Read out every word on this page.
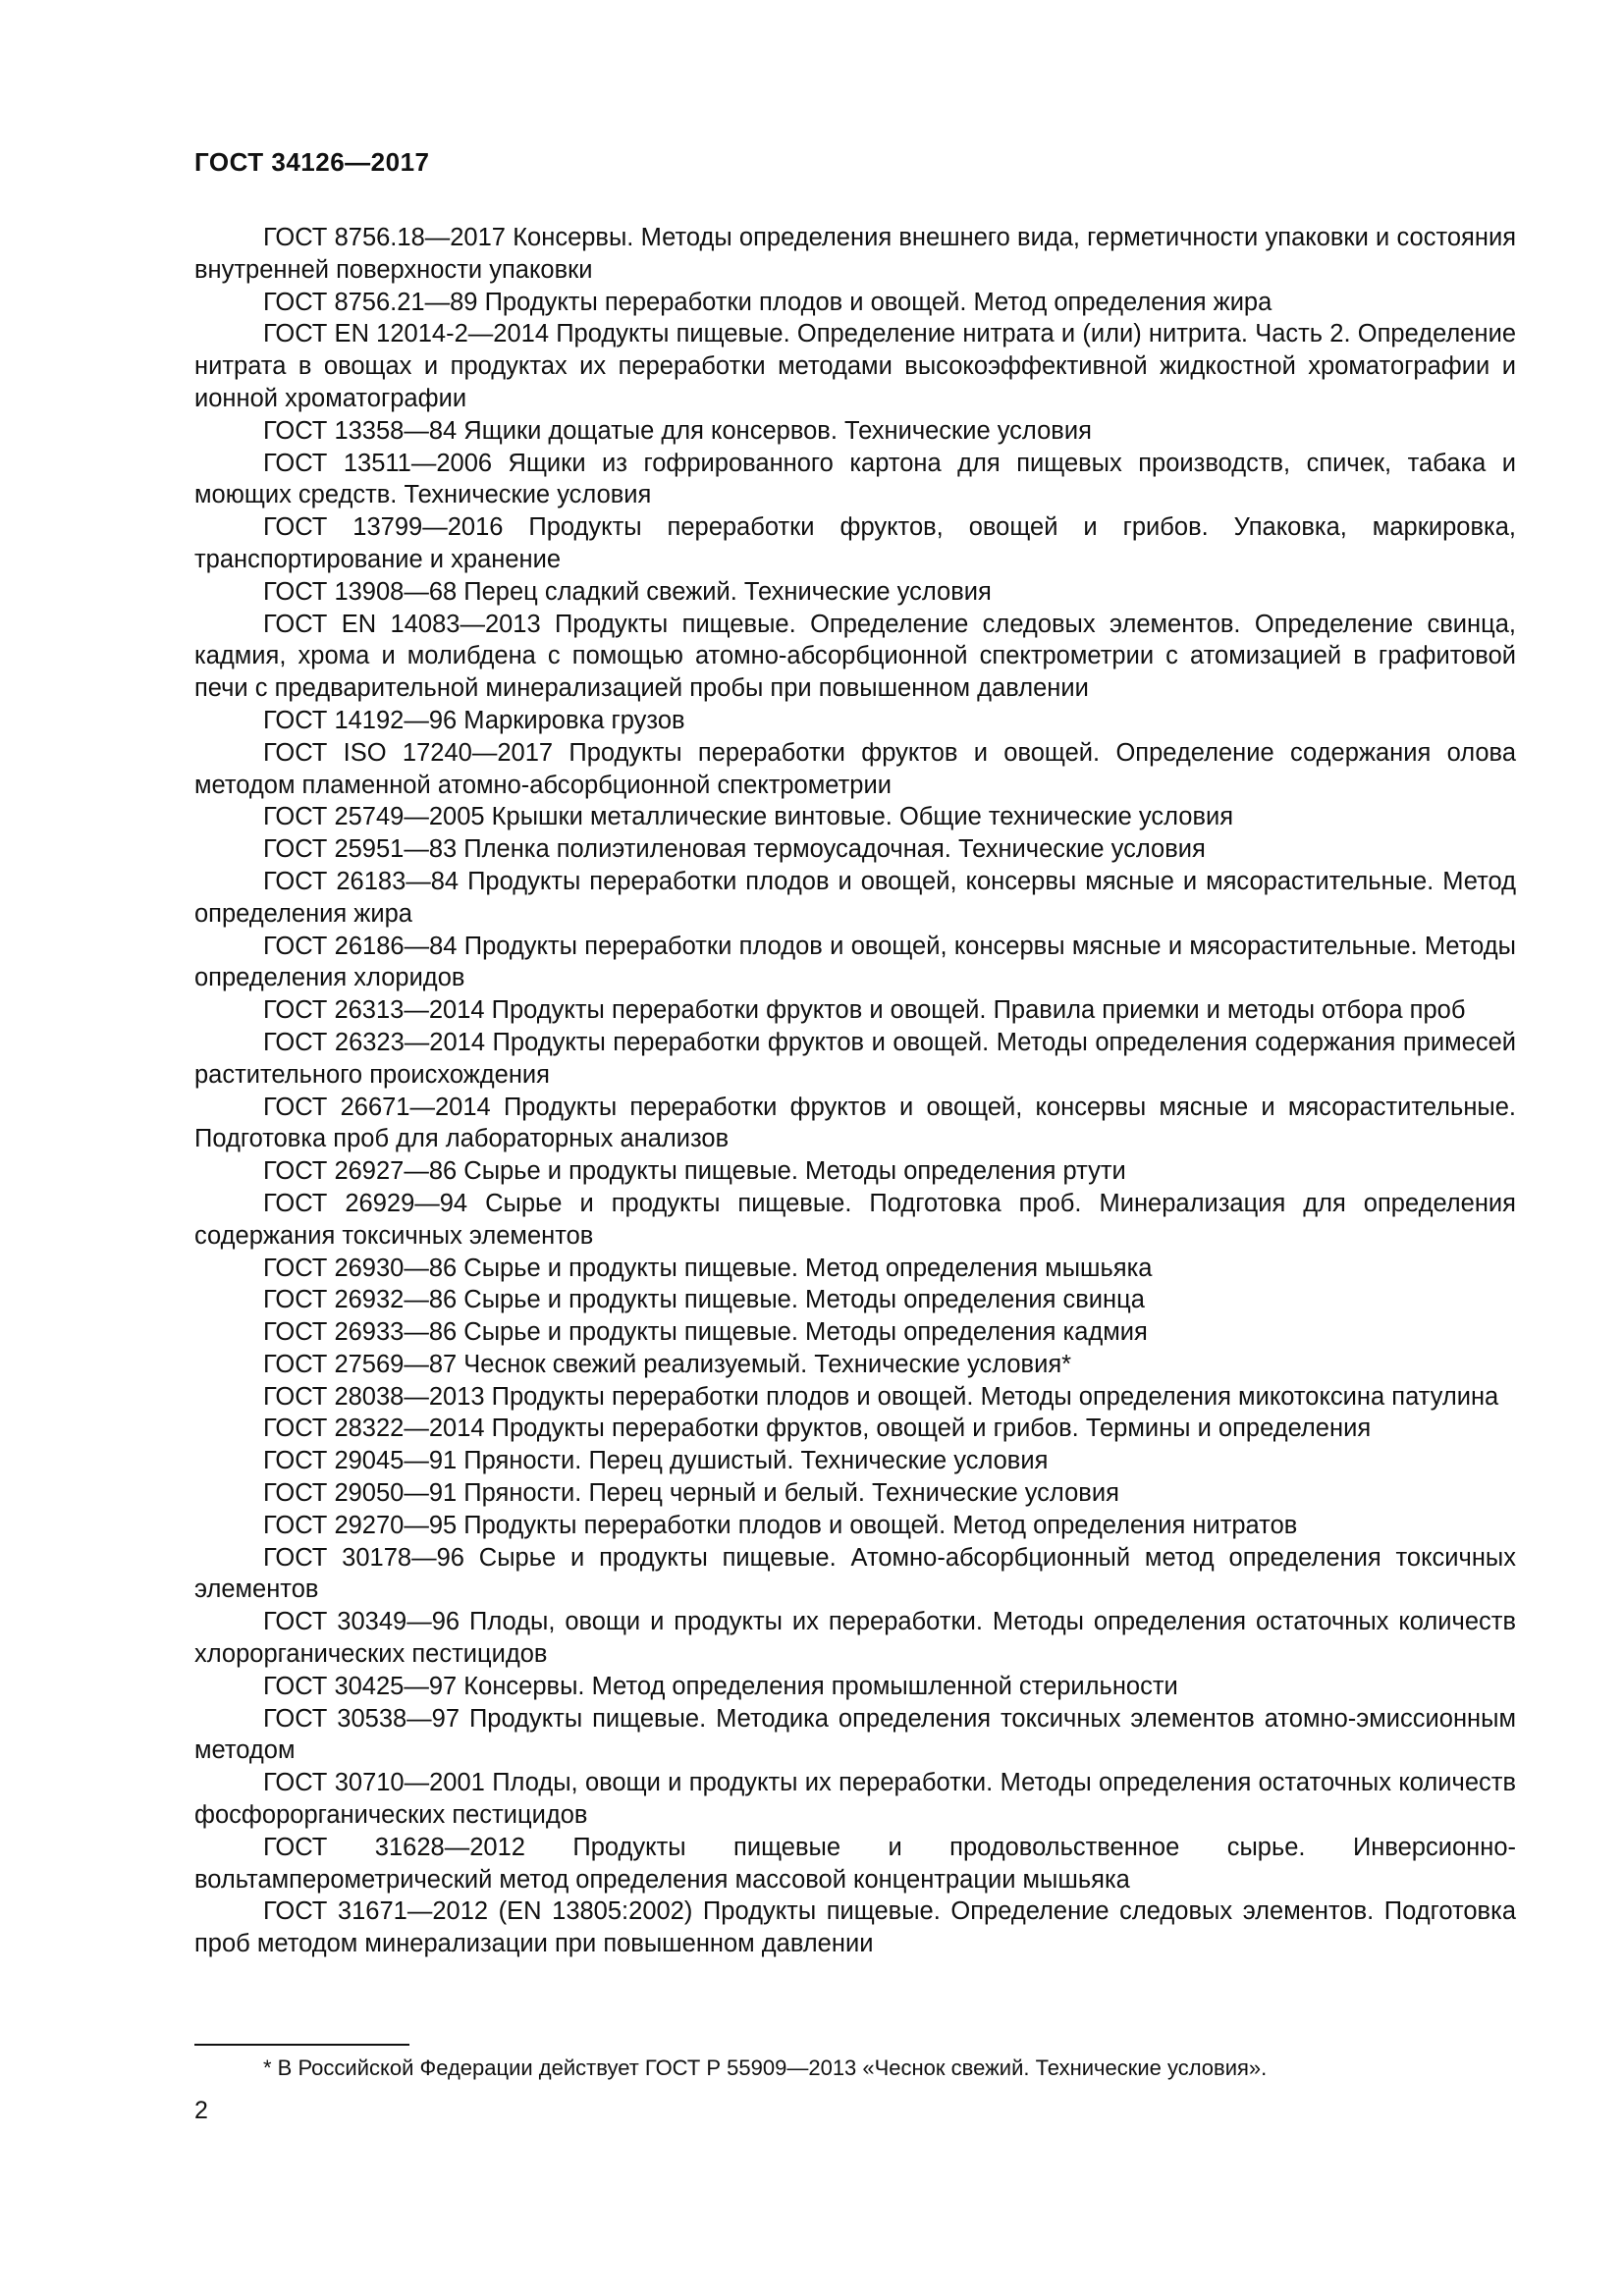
ГОСТ 34126—2017

ГОСТ 8756.18—2017 Консервы. Методы определения внешнего вида, герметичности упаковки и состояния внутренней поверхности упаковки

ГОСТ 8756.21—89 Продукты переработки плодов и овощей. Метод определения жира

ГОСТ EN 12014-2—2014 Продукты пищевые. Определение нитрата и (или) нитрита. Часть 2. Определение нитрата в овощах и продуктах их переработки методами высокоэффективной жидкостной хроматографии и ионной хроматографии

ГОСТ 13358—84 Ящики дощатые для консервов. Технические условия

ГОСТ 13511—2006 Ящики из гофрированного картона для пищевых производств, спичек, табака и моющих средств. Технические условия

ГОСТ 13799—2016 Продукты переработки фруктов, овощей и грибов. Упаковка, маркировка, транспортирование и хранение

ГОСТ 13908—68 Перец сладкий свежий. Технические условия

ГОСТ EN 14083—2013 Продукты пищевые. Определение следовых элементов. Определение свинца, кадмия, хрома и молибдена с помощью атомно-абсорбционной спектрометрии с атомизацией в графитовой печи с предварительной минерализацией пробы при повышенном давлении

ГОСТ 14192—96 Маркировка грузов

ГОСТ ISO 17240—2017 Продукты переработки фруктов и овощей. Определение содержания олова методом пламенной атомно-абсорбционной спектрометрии

ГОСТ 25749—2005 Крышки металлические винтовые. Общие технические условия

ГОСТ 25951—83 Пленка полиэтиленовая термоусадочная. Технические условия

ГОСТ 26183—84 Продукты переработки плодов и овощей, консервы мясные и мясорастительные. Метод определения жира

ГОСТ 26186—84 Продукты переработки плодов и овощей, консервы мясные и мясорастительные. Методы определения хлоридов

ГОСТ 26313—2014 Продукты переработки фруктов и овощей. Правила приемки и методы отбора проб

ГОСТ 26323—2014 Продукты переработки фруктов и овощей. Методы определения содержания примесей растительного происхождения

ГОСТ 26671—2014 Продукты переработки фруктов и овощей, консервы мясные и мясорастительные. Подготовка проб для лабораторных анализов

ГОСТ 26927—86 Сырье и продукты пищевые. Методы определения ртути

ГОСТ 26929—94 Сырье и продукты пищевые. Подготовка проб. Минерализация для определения содержания токсичных элементов

ГОСТ 26930—86 Сырье и продукты пищевые. Метод определения мышьяка

ГОСТ 26932—86 Сырье и продукты пищевые. Методы определения свинца

ГОСТ 26933—86 Сырье и продукты пищевые. Методы определения кадмия

ГОСТ 27569—87 Чеснок свежий реализуемый. Технические условия*

ГОСТ 28038—2013 Продукты переработки плодов и овощей. Методы определения микотоксина патулина

ГОСТ 28322—2014 Продукты переработки фруктов, овощей и грибов. Термины и определения

ГОСТ 29045—91 Пряности. Перец душистый. Технические условия

ГОСТ 29050—91 Пряности. Перец черный и белый. Технические условия

ГОСТ 29270—95 Продукты переработки плодов и овощей. Метод определения нитратов

ГОСТ 30178—96 Сырье и продукты пищевые. Атомно-абсорбционный метод определения токсичных элементов

ГОСТ 30349—96 Плоды, овощи и продукты их переработки. Методы определения остаточных количеств хлорорганических пестицидов

ГОСТ 30425—97 Консервы. Метод определения промышленной стерильности

ГОСТ 30538—97 Продукты пищевые. Методика определения токсичных элементов атомно-эмиссионным методом

ГОСТ 30710—2001 Плоды, овощи и продукты их переработки. Методы определения остаточных количеств фосфорорганических пестицидов

ГОСТ 31628—2012 Продукты пищевые и продовольственное сырье. Инверсионно-вольтамперометрический метод определения массовой концентрации мышьяка

ГОСТ 31671—2012 (EN 13805:2002) Продукты пищевые. Определение следовых элементов. Подготовка проб методом минерализации при повышенном давлении

* В Российской Федерации действует ГОСТ Р 55909—2013 «Чеснок свежий. Технические условия».

2
